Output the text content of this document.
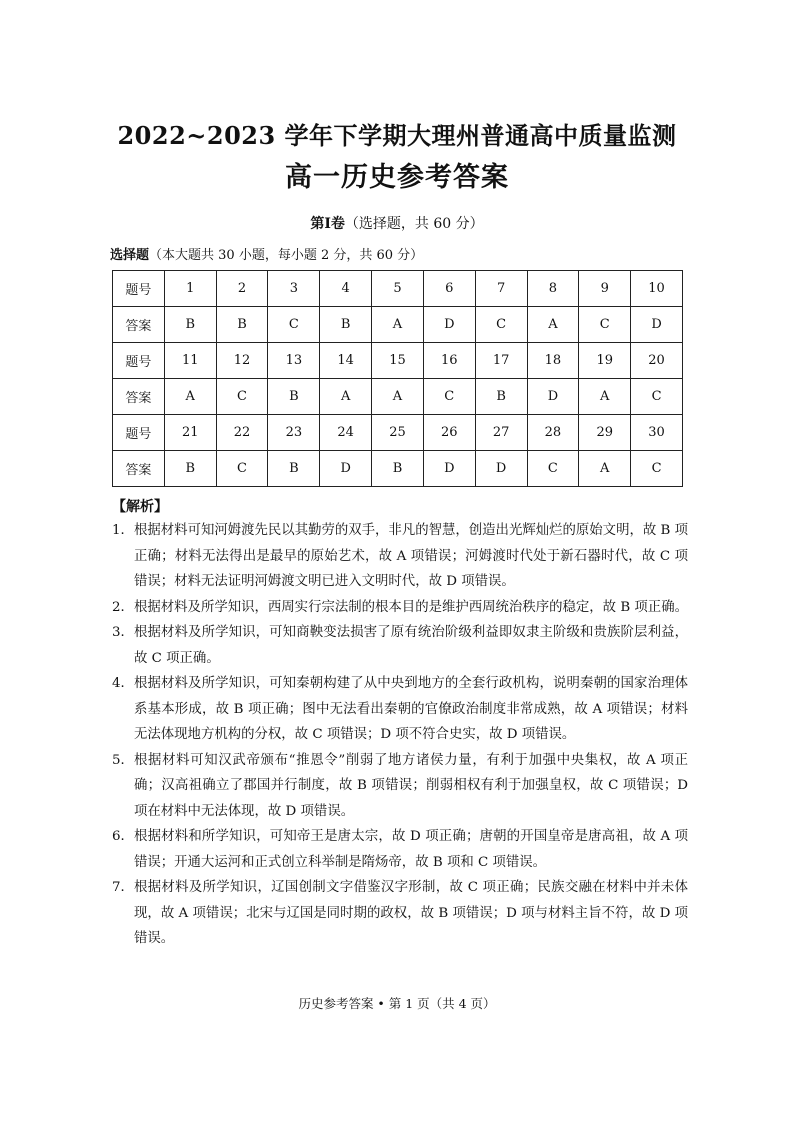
2022~2023 学年下学期大理州普通高中质量监测
高一历史参考答案
第Ⅰ卷（选择题，共 60 分）
选择题（本大题共 30 小题，每小题 2 分，共 60 分）
题号	1	2	3	4	5	6	7	8	9	10
答案	B	B	C	B	A	D	C	A	C	D
题号	11	12	13	14	15	16	17	18	19	20
答案	A	C	B	A	A	C	B	D	A	C
题号	21	22	23	24	25	26	27	28	29	30
答案	B	C	B	D	B	D	D	C	A	C
【解析】
1． 根据材料可知河姆渡先民以其勤劳的双手，非凡的智慧，创造出光辉灿烂的原始文明，故 B 项正确；材料无法得出是最早的原始艺术，故 A 项错误；河姆渡时代处于新石器时代，故 C 项错误；材料无法证明河姆渡文明已进入文明时代，故 D 项错误。
2． 根据材料及所学知识，西周实行宗法制的根本目的是维护西周统治秩序的稳定，故 B 项正确。
3． 根据材料及所学知识，可知商鞅变法损害了原有统治阶级利益即奴隶主阶级和贵族阶层利益，故 C 项正确。
4． 根据材料及所学知识，可知秦朝构建了从中央到地方的全套行政机构，说明秦朝的国家治理体系基本形成，故 B 项正确；图中无法看出秦朝的官僚政治制度非常成熟，故 A 项错误；材料无法体现地方机构的分权，故 C 项错误；D 项不符合史实，故 D 项错误。
5． 根据材料可知汉武帝颁布“推恩令”削弱了地方诸侯力量，有利于加强中央集权，故 A 项正确；汉高祖确立了郡国并行制度，故 B 项错误；削弱相权有利于加强皇权，故 C 项错误；D 项在材料中无法体现，故 D 项错误。
6． 根据材料和所学知识，可知帝王是唐太宗，故 D 项正确；唐朝的开国皇帝是唐高祖，故 A 项错误；开通大运河和正式创立科举制是隋炀帝，故 B 项和 C 项错误。
7． 根据材料及所学知识，辽国创制文字借鉴汉字形制，故 C 项正确；民族交融在材料中并未体现，故 A 项错误；北宋与辽国是同时期的政权，故 B 项错误；D 项与材料主旨不符，故 D 项错误。
历史参考答案 • 第 1 页（共 4 页）
